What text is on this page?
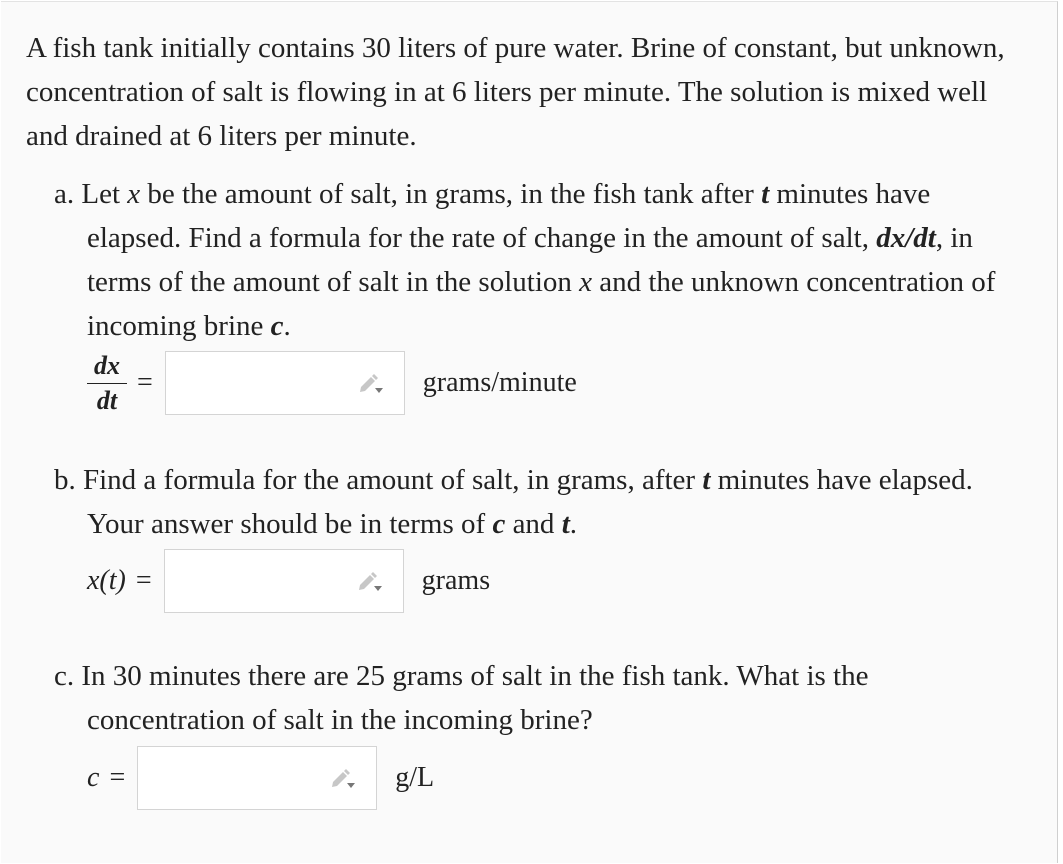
A fish tank initially contains 30 liters of pure water. Brine of constant, but unknown, concentration of salt is flowing in at 6 liters per minute. The solution is mixed well and drained at 6 liters per minute.
a. Let x be the amount of salt, in grams, in the fish tank after t minutes have elapsed. Find a formula for the rate of change in the amount of salt, dx/dt, in terms of the amount of salt in the solution x and the unknown concentration of incoming brine c.
$\frac{dx}{dt}$ =	grams/minute
b. Find a formula for the amount of salt, in grams, after t minutes have elapsed. Your answer should be in terms of c and t.
x(t) =	grams
c. In 30 minutes there are 25 grams of salt in the fish tank. What is the concentration of salt in the incoming brine?
c =	g/L
